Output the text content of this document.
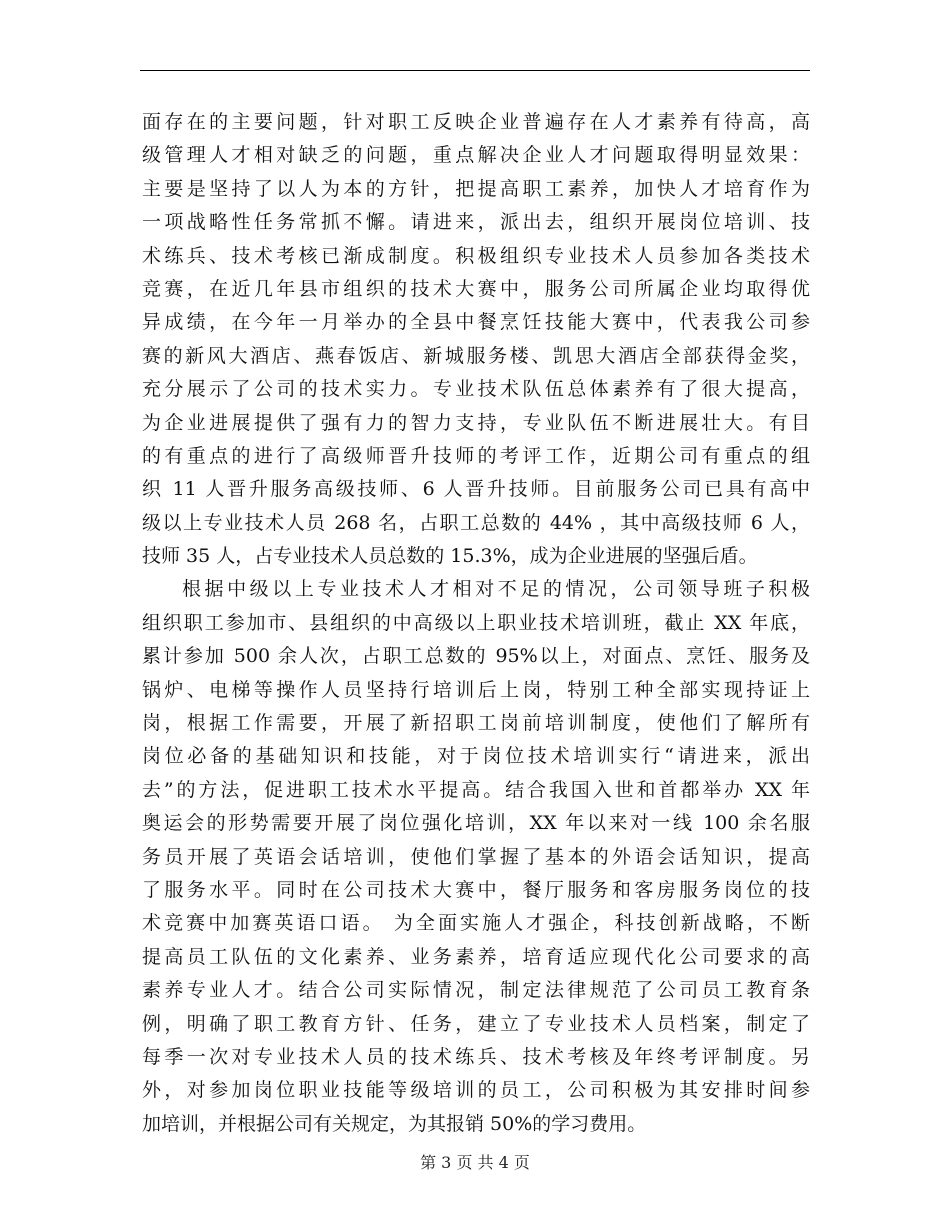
面存在的主要问题，针对职工反映企业普遍存在人才素养有待高，高
级管理人才相对缺乏的问题，重点解决企业人才问题取得明显效果：
主要是坚持了以人为本的方针，把提高职工素养，加快人才培育作为
一项战略性任务常抓不懈。请进来，派出去，组织开展岗位培训、技
术练兵、技术考核已渐成制度。积极组织专业技术人员参加各类技术
竞赛，在近几年县市组织的技术大赛中，服务公司所属企业均取得优
异成绩，在今年一月举办的全县中餐烹饪技能大赛中，代表我公司参
赛的新风大酒店、燕春饭店、新城服务楼、凯思大酒店全部获得金奖，
充分展示了公司的技术实力。专业技术队伍总体素养有了很大提高，
为企业进展提供了强有力的智力支持，专业队伍不断进展壮大。有目
的有重点的进行了高级师晋升技师的考评工作，近期公司有重点的组
织 11 人晋升服务高级技师、6 人晋升技师。目前服务公司已具有高中
级以上专业技术人员 268 名，占职工总数的 44% ，其中高级技师 6 人，
技师 35 人，占专业技术人员总数的 15.3%，成为企业进展的坚强后盾。
根据中级以上专业技术人才相对不足的情况，公司领导班子积极
组织职工参加市、县组织的中高级以上职业技术培训班，截止 XX 年底，
累计参加 500 余人次，占职工总数的 95%以上，对面点、烹饪、服务及
锅炉、电梯等操作人员坚持行培训后上岗，特别工种全部实现持证上
岗，根据工作需要，开展了新招职工岗前培训制度，使他们了解所有
岗位必备的基础知识和技能，对于岗位技术培训实行“请进来，派出
去”的方法，促进职工技术水平提高。结合我国入世和首都举办 XX 年
奥运会的形势需要开展了岗位强化培训，XX 年以来对一线 100 余名服
务员开展了英语会话培训，使他们掌握了基本的外语会话知识，提高
了服务水平。同时在公司技术大赛中，餐厅服务和客房服务岗位的技
术竞赛中加赛英语口语。 为全面实施人才强企，科技创新战略，不断
提高员工队伍的文化素养、业务素养，培育适应现代化公司要求的高
素养专业人才。结合公司实际情况，制定法律规范了公司员工教育条
例，明确了职工教育方针、任务，建立了专业技术人员档案，制定了
每季一次对专业技术人员的技术练兵、技术考核及年终考评制度。另
外，对参加岗位职业技能等级培训的员工，公司积极为其安排时间参
加培训，并根据公司有关规定，为其报销 50%的学习费用。
第 3 页 共 4 页
